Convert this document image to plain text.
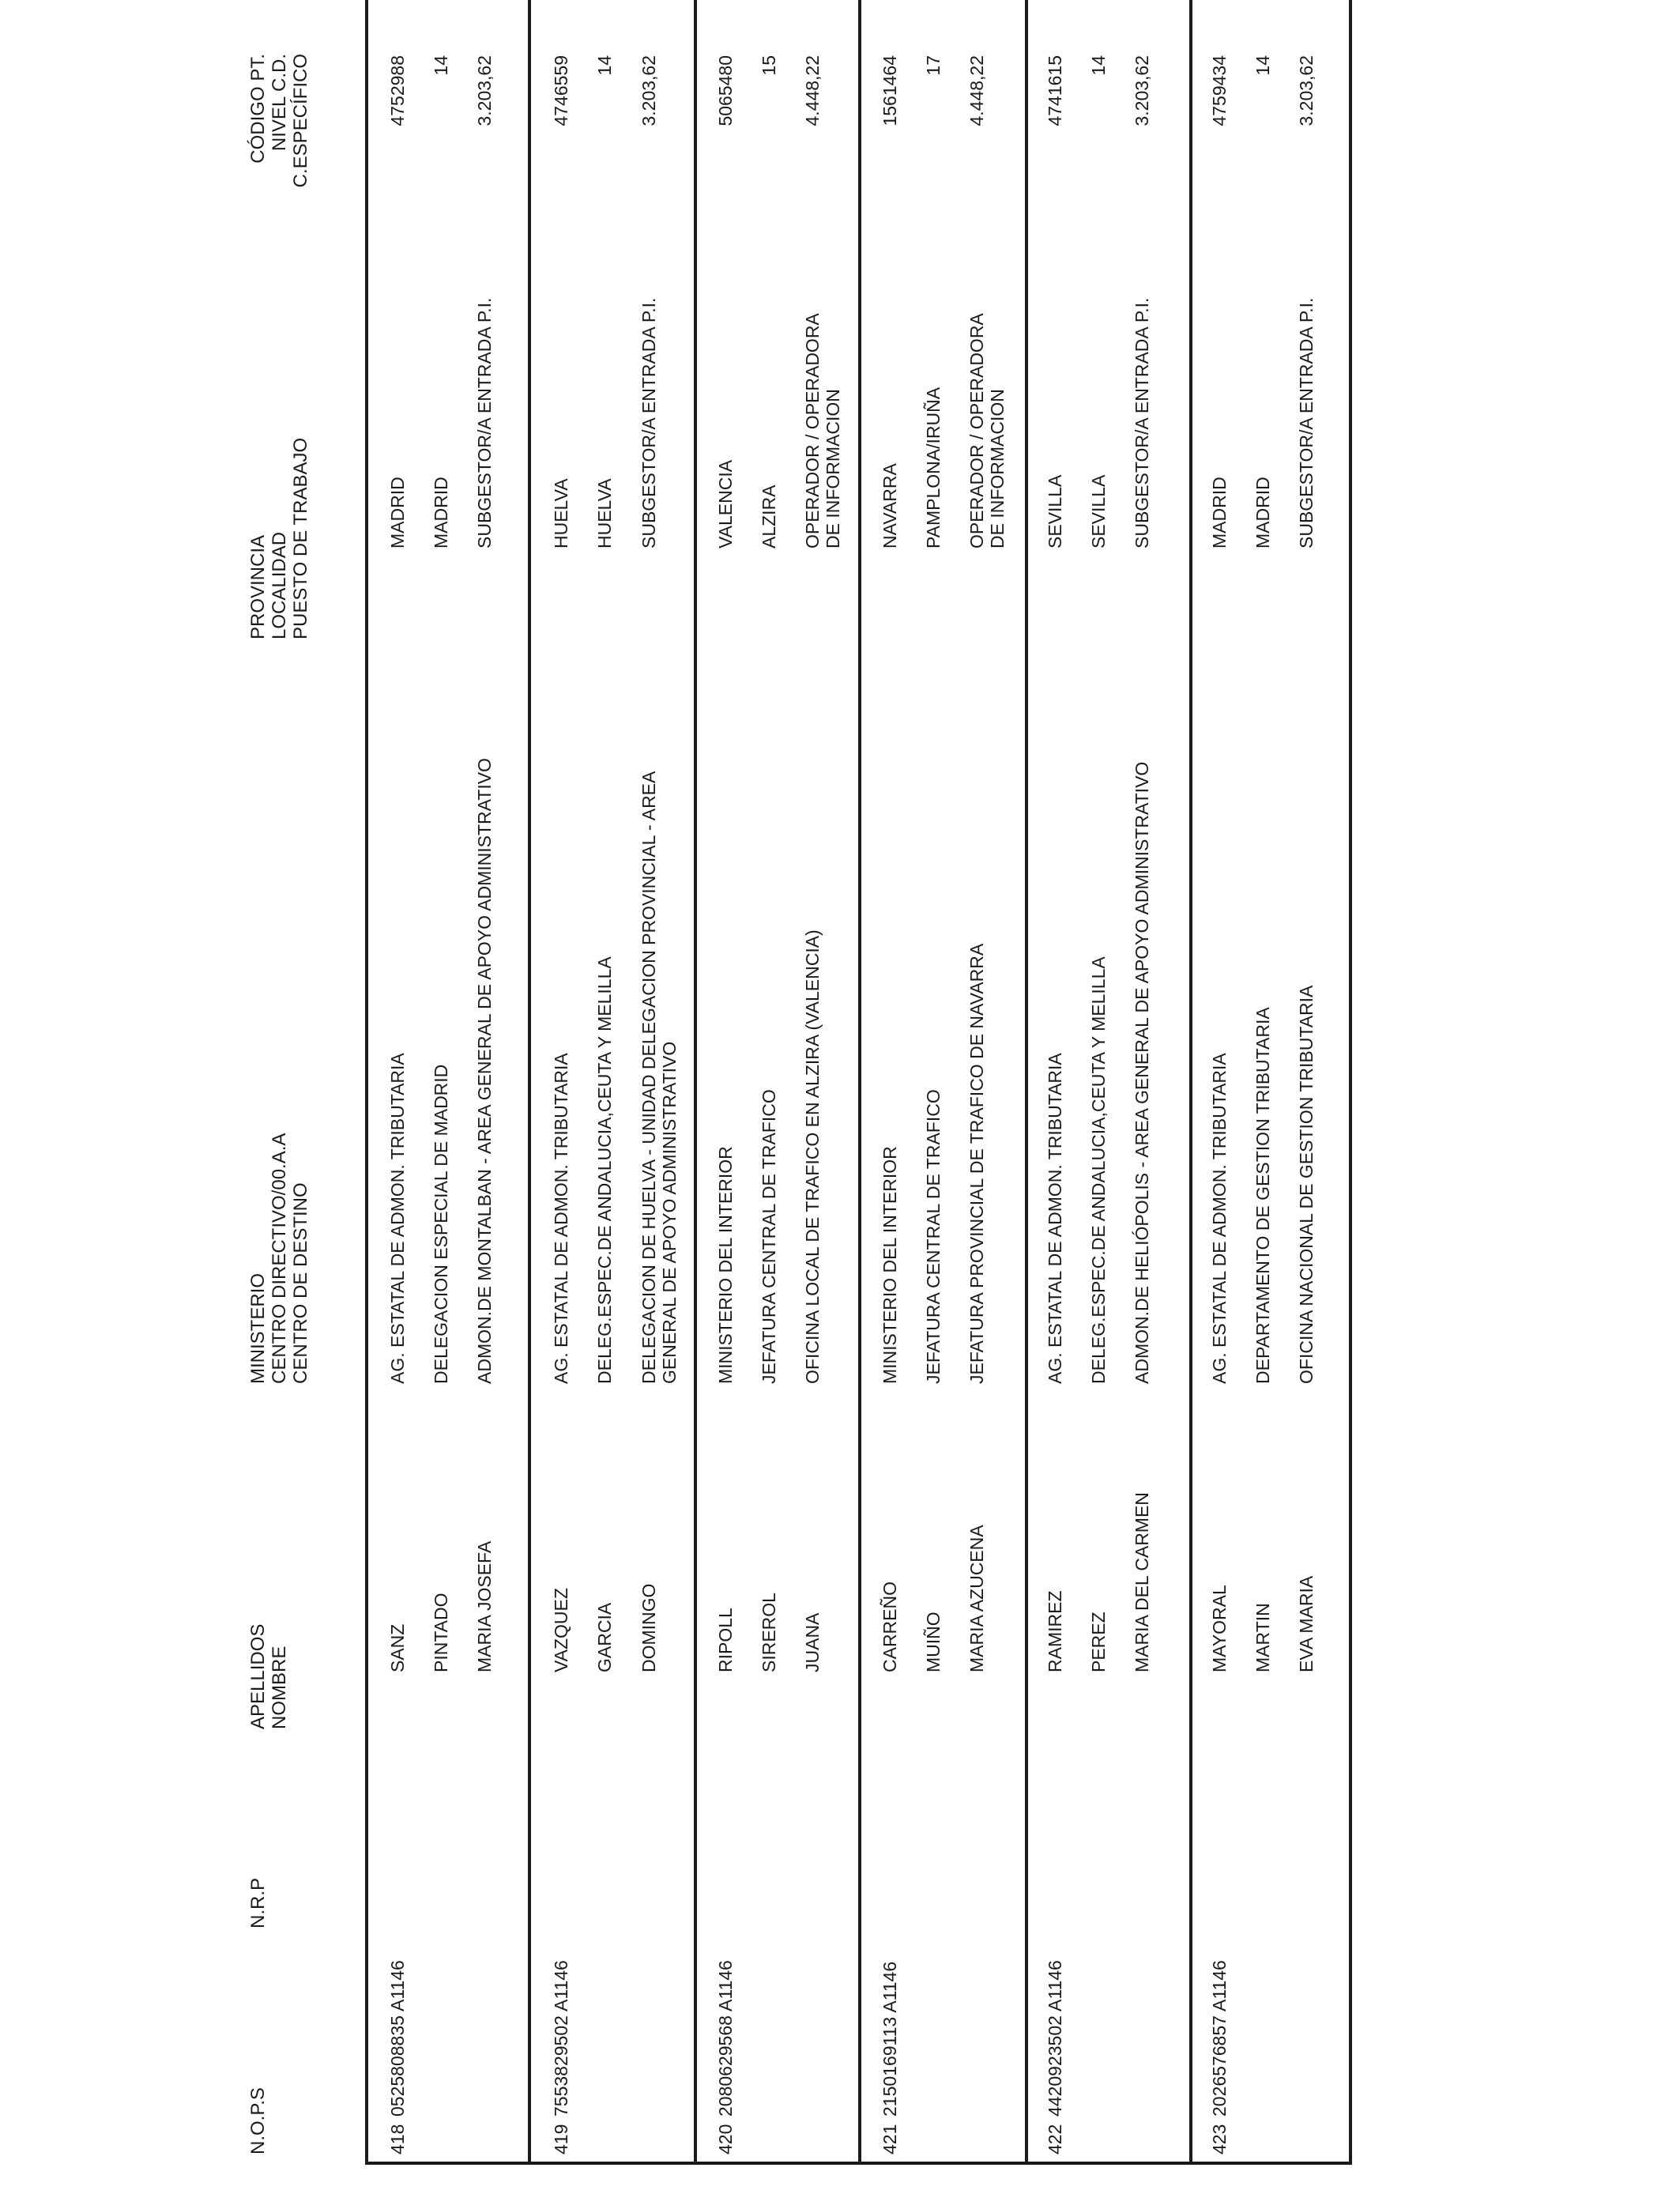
N.O.P.S
N.R.P
APELLIDOS NOMBRE
MINISTERIO CENTRO DIRECTIVO/00.A.A CENTRO DE DESTINO
PROVINCIA LOCALIDAD PUESTO DE TRABAJO
CÓDIGO PT. NIVEL C.D. C.ESPECÍFICO
418
0525808835 A1146
SANZ PINTADO MARIA JOSEFA
AG. ESTATAL DE ADMON. TRIBUTARIA DELEGACION ESPECIAL DE MADRID ADMON.DE MONTALBAN - AREA GENERAL DE APOYO ADMINISTRATIVO
MADRID MADRID SUBGESTOR/A ENTRADA P.I.
4752988 14 3.203,62
419
7553829502 A1146
VAZQUEZ GARCIA DOMINGO
AG. ESTATAL DE ADMON. TRIBUTARIA DELEG.ESPEC.DE ANDALUCIA,CEUTA Y MELILLA DELEGACION DE HUELVA - UNIDAD DELEGACION PROVINCIAL - AREA GENERAL DE APOYO ADMINISTRATIVO
HUELVA HUELVA SUBGESTOR/A ENTRADA P.I.
4746559 14 3.203,62
420
2080629568 A1146
RIPOLL SIREROL JUANA
MINISTERIO DEL INTERIOR JEFATURA CENTRAL DE TRAFICO OFICINA LOCAL DE TRAFICO EN ALZIRA (VALENCIA)
VALENCIA ALZIRA OPERADOR / OPERADORA DE INFORMACION
5065480 15 4.448,22
421
2150169113 A1146
CARREÑO MUIÑO MARIA AZUCENA
MINISTERIO DEL INTERIOR JEFATURA CENTRAL DE TRAFICO JEFATURA PROVINCIAL DE TRAFICO DE NAVARRA
NAVARRA PAMPLONA/IRUÑA OPERADOR / OPERADORA DE INFORMACION
1561464 17 4.448,22
422
4420923502 A1146
RAMIREZ PEREZ MARIA DEL CARMEN
AG. ESTATAL DE ADMON. TRIBUTARIA DELEG.ESPEC.DE ANDALUCIA,CEUTA Y MELILLA ADMON.DE HELIÓPOLIS - AREA GENERAL DE APOYO ADMINISTRATIVO
SEVILLA SEVILLA SUBGESTOR/A ENTRADA P.I.
4741615 14 3.203,62
423
2026576857 A1146
MAYORAL MARTIN EVA MARIA
AG. ESTATAL DE ADMON. TRIBUTARIA DEPARTAMENTO DE GESTION TRIBUTARIA OFICINA NACIONAL DE GESTION TRIBUTARIA
MADRID MADRID SUBGESTOR/A ENTRADA P.I.
4759434 14 3.203,62
